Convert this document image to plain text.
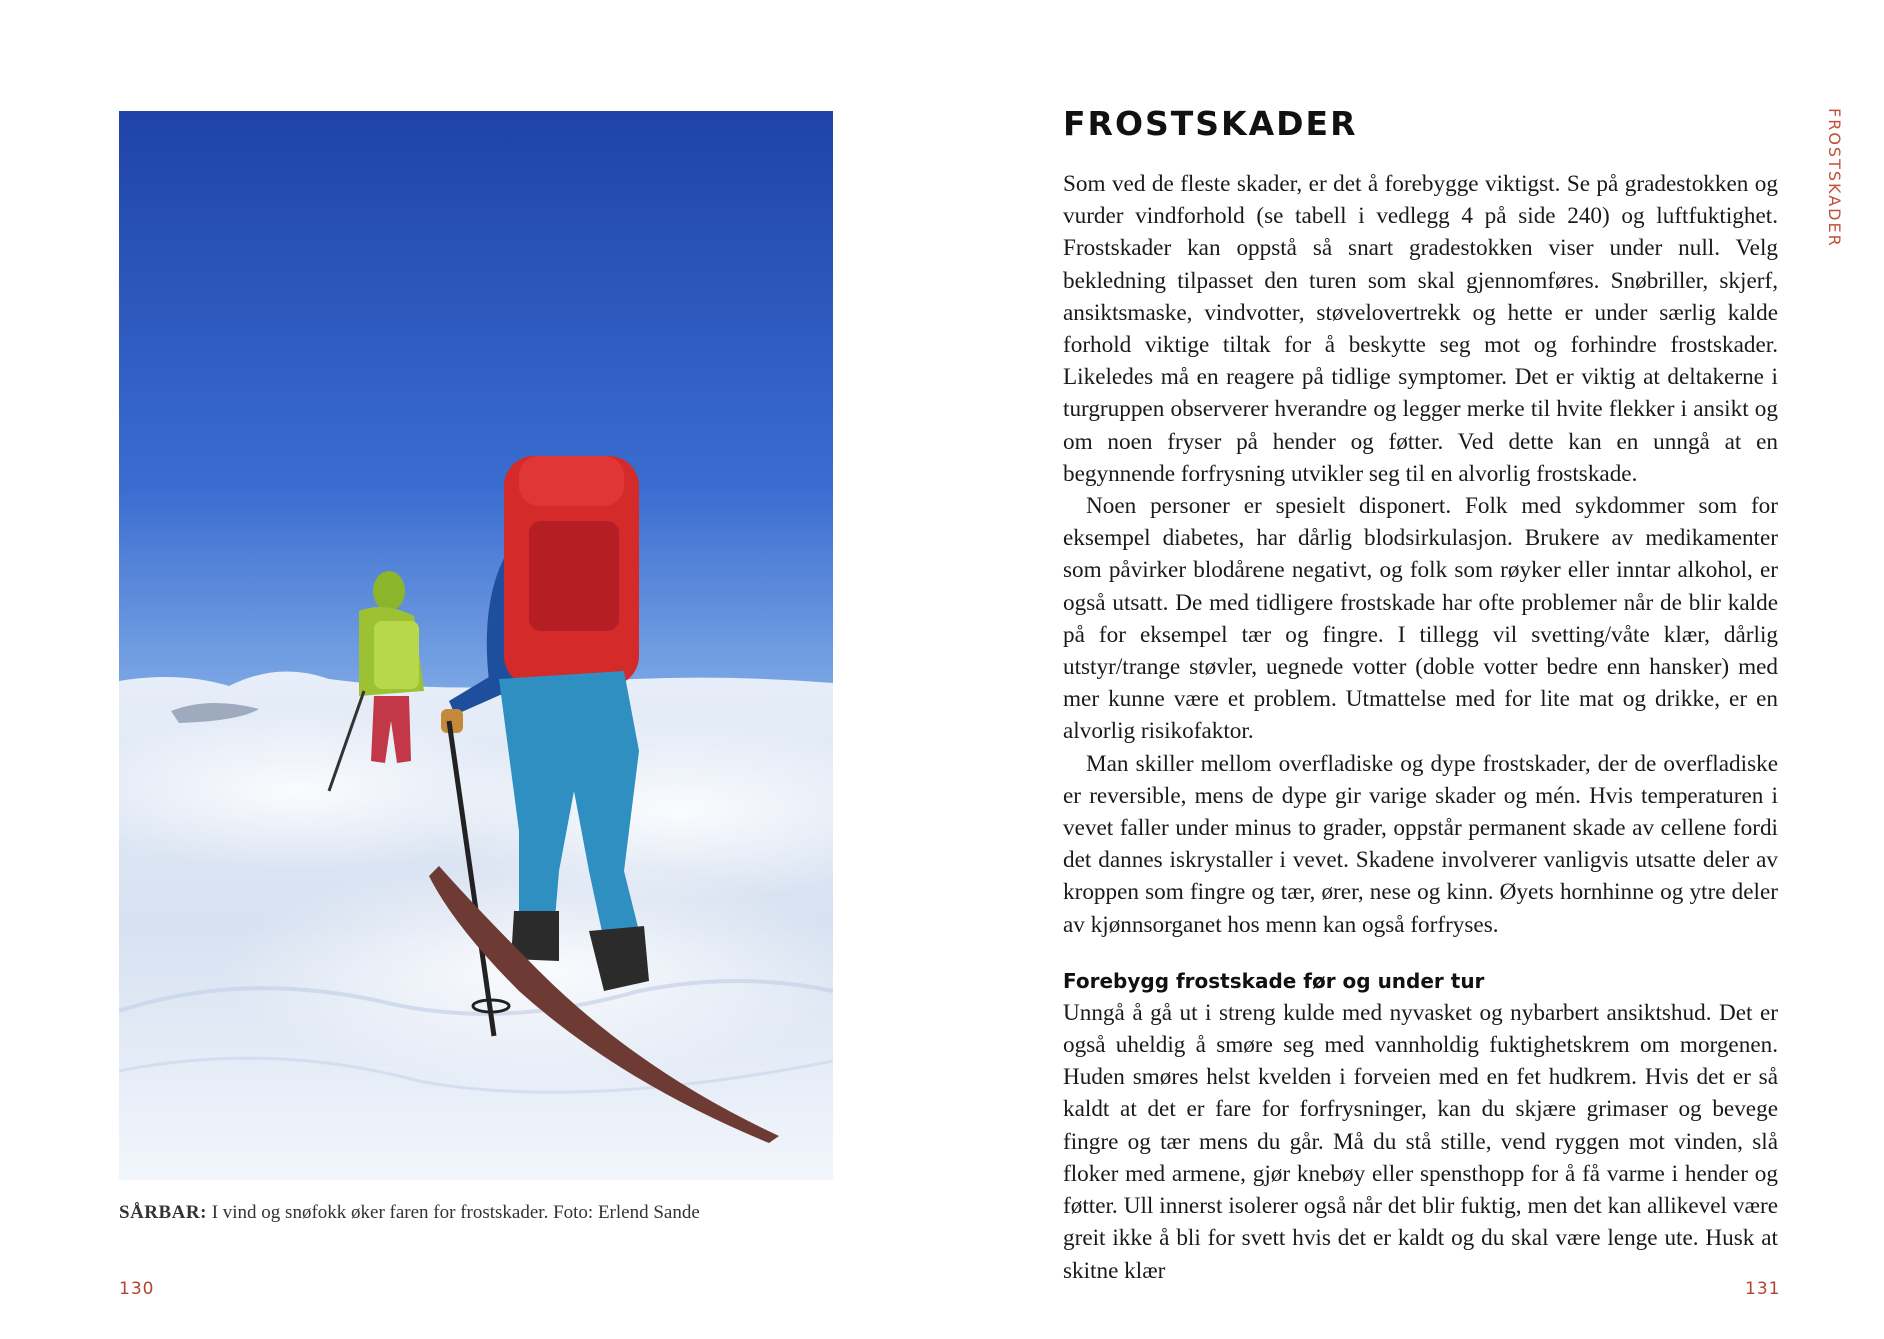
SÅRBAR: I vind og snøfokk øker faren for frostskader. Foto: Erlend Sande
130
FROSTSKADER
FROSTSKADER

Som ved de fleste skader, er det å forebygge viktigst. Se på gradestokken og vurder vindforhold (se tabell i vedlegg 4 på side 240) og luftfuktighet. Frostskader kan oppstå så snart gradestokken viser under null. Velg bekledning tilpasset den turen som skal gjennomføres. Snøbriller, skjerf, ansiktsmaske, vindvotter, støvelovertrekk og hette er under særlig kalde forhold viktige tiltak for å beskytte seg mot og forhindre frostskader. Likeledes må en reagere på tidlige symptomer. Det er viktig at deltakerne i turgruppen observerer hverandre og legger merke til hvite flekker i ansikt og om noen fryser på hender og føtter. Ved dette kan en unngå at en begynnende forfrysning utvikler seg til en alvorlig frostskade.

Noen personer er spesielt disponert. Folk med sykdommer som for eksempel diabetes, har dårlig blodsirkulasjon. Brukere av medikamenter som påvirker blodårene negativt, og folk som røyker eller inntar alkohol, er også utsatt. De med tidligere frostskade har ofte problemer når de blir kalde på for eksempel tær og fingre. I tillegg vil svetting/våte klær, dårlig utstyr/trange støvler, uegnede votter (doble votter bedre enn hansker) med mer kunne være et problem. Utmattelse med for lite mat og drikke, er en alvorlig risikofaktor.

Man skiller mellom overfladiske og dype frostskader, der de overfladiske er reversible, mens de dype gir varige skader og mén. Hvis temperaturen i vevet faller under minus to grader, oppstår permanent skade av cellene fordi det dannes iskrystaller i vevet. Skadene involverer vanligvis utsatte deler av kroppen som fingre og tær, ører, nese og kinn. Øyets hornhinne og ytre deler av kjønnsorganet hos menn kan også forfryses.

Forebygg frostskade før og under tur

Unngå å gå ut i streng kulde med nyvasket og nybarbert ansiktshud. Det er også uheldig å smøre seg med vannholdig fuktighetskrem om morgenen. Huden smøres helst kvelden i forveien med en fet hudkrem. Hvis det er så kaldt at det er fare for forfrysninger, kan du skjære grimaser og bevege fingre og tær mens du går. Må du stå stille, vend ryggen mot vinden, slå floker med armene, gjør knebøy eller spensthopp for å få varme i hender og føtter. Ull innerst isolerer også når det blir fuktig, men det kan allikevel være greit ikke å bli for svett hvis det er kaldt og du skal være lenge ute. Husk at skitne klær

131
